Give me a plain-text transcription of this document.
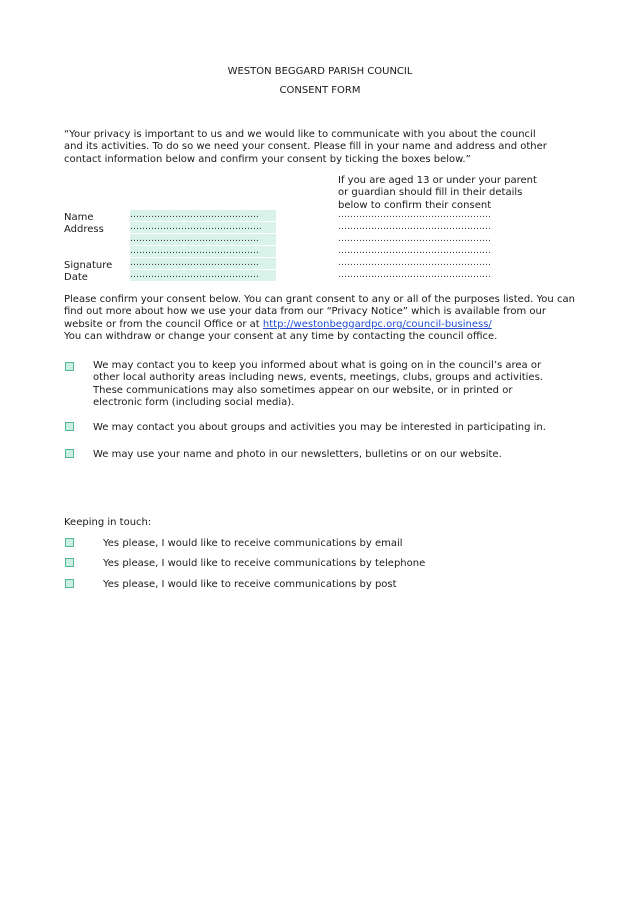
WESTON BEGGARD PARISH COUNCIL
CONSENT FORM
“Your privacy is important to us and we would like to communicate with you about the council and its activities. To do so we need your consent. Please fill in your name and address and other contact information below and confirm your consent by ticking the boxes below.”
If you are aged 13 or under your parent or guardian should fill in their details below to confirm their consent
Name
Address
Signature
Date
…………………………………….
……………………………………..
…………………………………….
…………………………………….
…………………………………….
…………………………………….
……………………………………………
……………………………………………
……………………………………………
……………………………………………
……………………………………………
……………………………………………
Please confirm your consent below. You can grant consent to any or all of the purposes listed. You can find out more about how we use your data from our “Privacy Notice” which is available from our website or from the council Office or at http://westonbeggardpc.org/council-business/
You can withdraw or change your consent at any time by contacting the council office.
We may contact you to keep you informed about what is going on in the council’s area or other local authority areas including news, events, meetings, clubs, groups and activities. These communications may also sometimes appear on our website, or in printed or electronic form (including social media).
We may contact you about groups and activities you may be interested in participating in.
We may use your name and photo in our newsletters, bulletins or on our website.
Keeping in touch:
Yes please, I would like to receive communications by email
Yes please, I would like to receive communications by telephone
Yes please, I would like to receive communications by post
